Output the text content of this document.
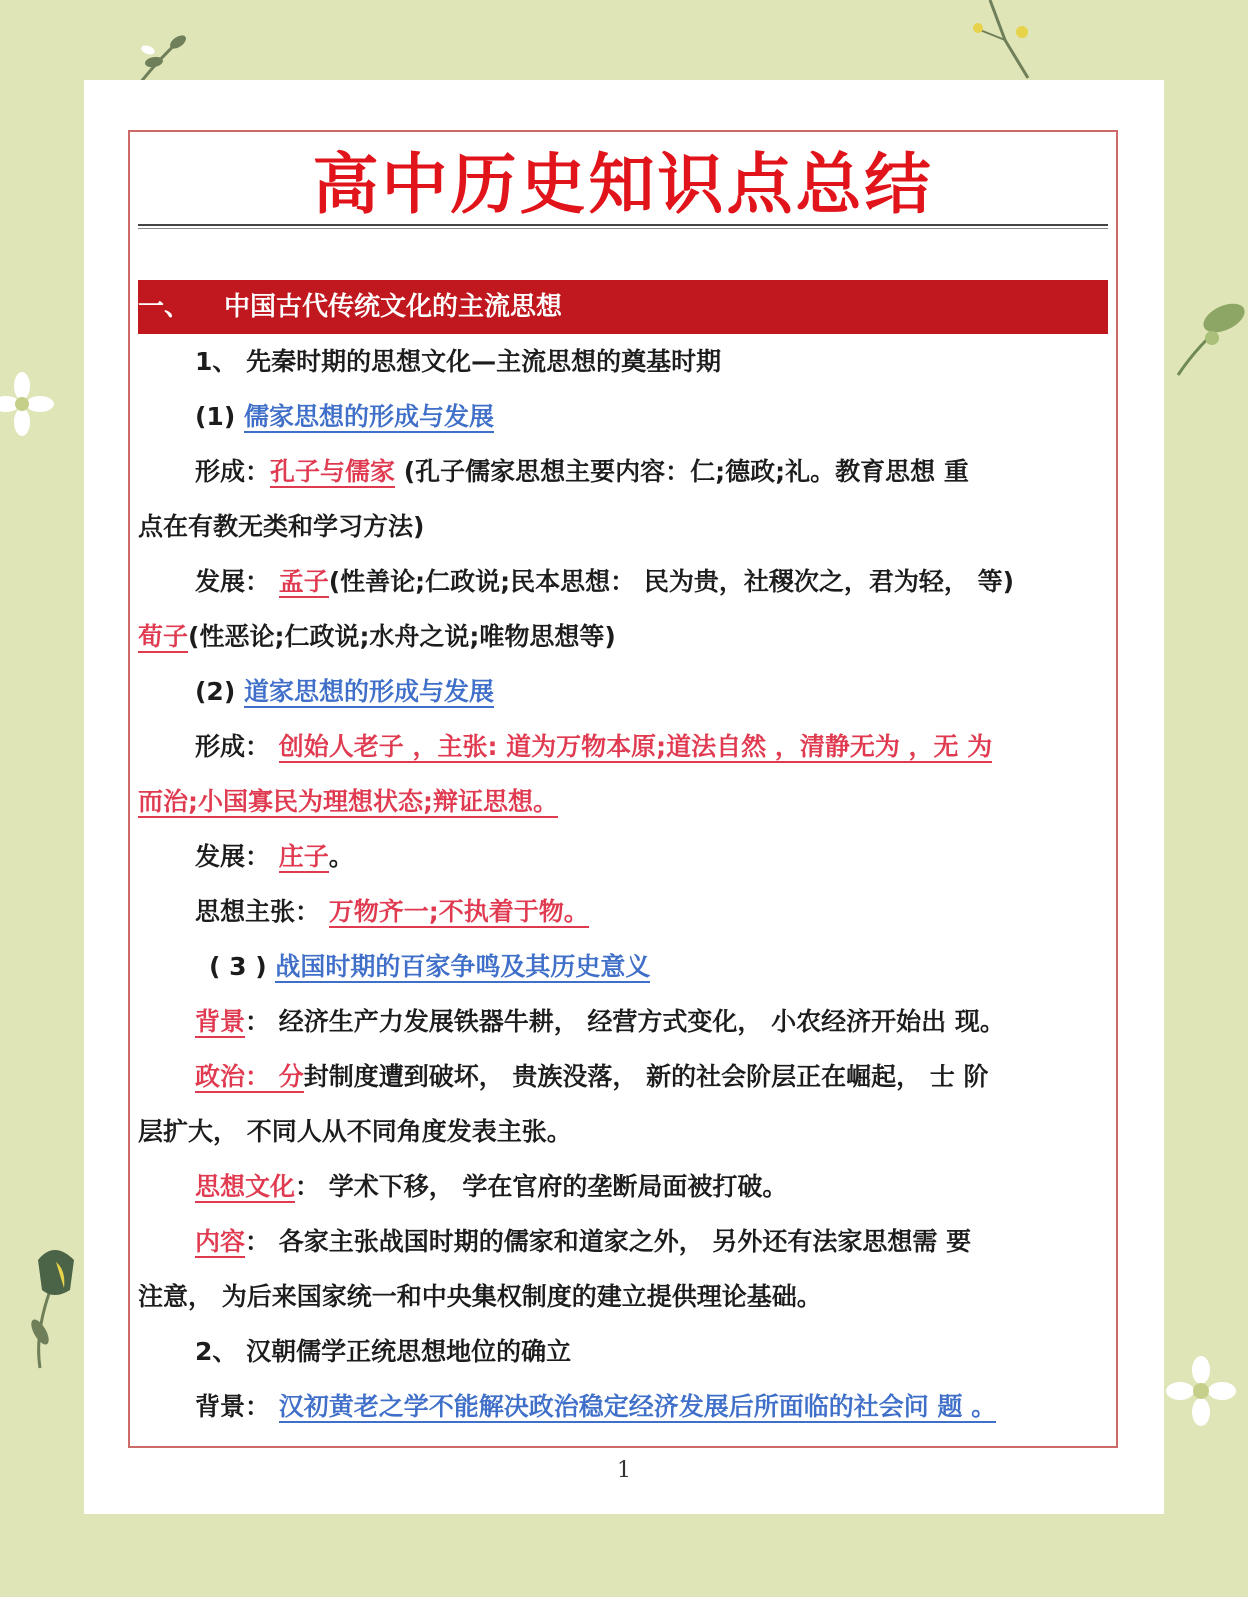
高中历史知识点总结
一、 中国古代传统文化的主流思想
1、 先秦时期的思想文化—主流思想的奠基时期
(1) 儒家思想的形成与发展
形成：孔子与儒家 (孔子儒家思想主要内容：仁;德政;礼。教育思想 重
点在有教无类和学习方法)
发展： 孟子(性善论;仁政说;民本思想： 民为贵，社稷次之，君为轻， 等)
荀子(性恶论;仁政说;水舟之说;唯物思想等)
(2) 道家思想的形成与发展
形成： 创始人老子 ，主张: 道为万物本原;道法自然 ，清静无为 ，无 为
而治;小国寡民为理想状态;辩证思想。
发展： 庄子。
思想主张： 万物齐一;不执着于物。
( 3 ) 战国时期的百家争鸣及其历史意义
背景： 经济生产力发展铁器牛耕， 经营方式变化， 小农经济开始出 现。
政治： 分封制度遭到破坏， 贵族没落， 新的社会阶层正在崛起， 士 阶
层扩大， 不同人从不同角度发表主张。
思想文化： 学术下移， 学在官府的垄断局面被打破。
内容： 各家主张战国时期的儒家和道家之外， 另外还有法家思想需 要
注意， 为后来国家统一和中央集权制度的建立提供理论基础。
2、 汉朝儒学正统思想地位的确立
背景： 汉初黄老之学不能解决政治稳定经济发展后所面临的社会问 题 。
1
